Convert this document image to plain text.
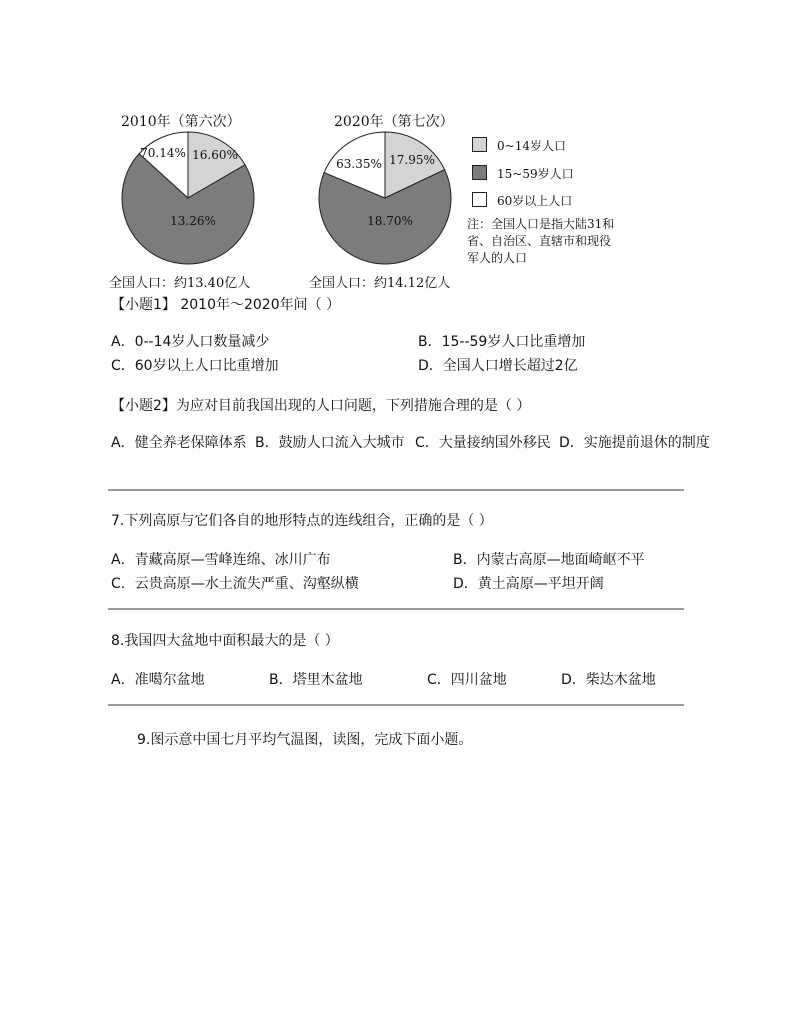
2010年（第六次）	2020年（第七次）
16.60%
70.14%
13.26%
17.95%
63.35%
18.70%
全国人口：约13.40亿人	全国人口：约14.12亿人
0~14岁人口
15~59岁人口
60岁以上人口
注：全国人口是指大陆31和省、自治区、直辖市和现役军人的人口
【小题1】 2010年～2020年间（ ）
A．0--14岁人口数量减少	B．15--59岁人口比重增加
C．60岁以上人口比重增加	D．全国人口增长超过2亿
【小题2】为应对目前我国出现的人口问题，下列措施合理的是（ ）
A．健全养老保障体系 B．鼓励人口流入大城市 C．大量接纳国外移民 D．实施提前退休的制度
7.下列高原与它们各自的地形特点的连线组合，正确的是（ ）
A．青藏高原—雪峰连绵、冰川广布	B．内蒙古高原—地面崎岖不平
C．云贵高原—水土流失严重、沟壑纵横	D．黄土高原—平坦开阔
8.我国四大盆地中面积最大的是（ ）
A．准噶尔盆地	B．塔里木盆地	C．四川盆地	D．柴达木盆地
9.图示意中国七月平均气温图，读图，完成下面小题。
